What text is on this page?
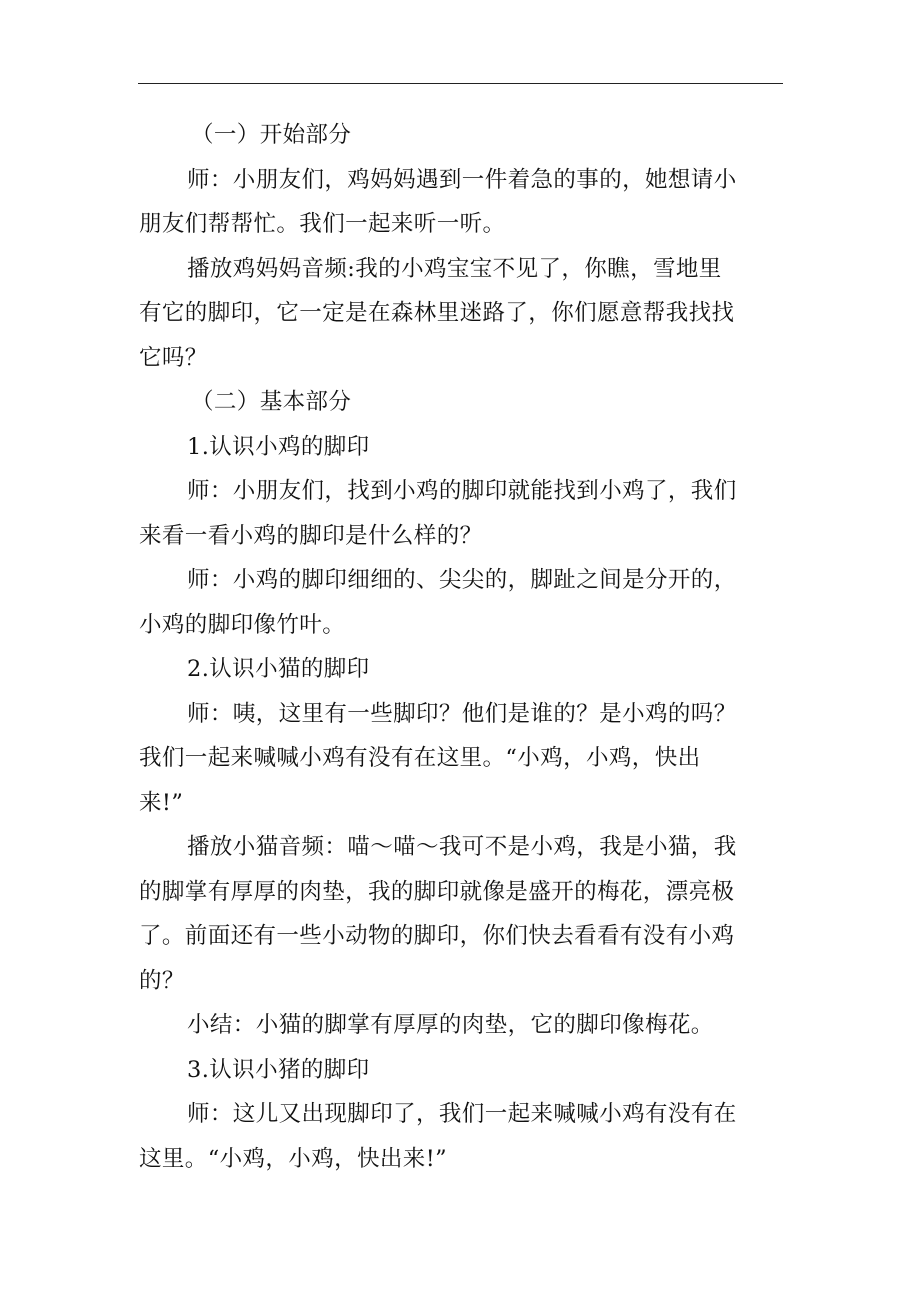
（一）开始部分
师：小朋友们，鸡妈妈遇到一件着急的事的，她想请小
朋友们帮帮忙。我们一起来听一听。
播放鸡妈妈音频:我的小鸡宝宝不见了，你瞧，雪地里
有它的脚印，它一定是在森林里迷路了，你们愿意帮我找找
它吗？
（二）基本部分
1.认识小鸡的脚印
师：小朋友们，找到小鸡的脚印就能找到小鸡了，我们
来看一看小鸡的脚印是什么样的？
师：小鸡的脚印细细的、尖尖的，脚趾之间是分开的，
小鸡的脚印像竹叶。
2.认识小猫的脚印
师：咦，这里有一些脚印？他们是谁的？是小鸡的吗？
我们一起来喊喊小鸡有没有在这里。“小鸡，小鸡，快出
来!”
播放小猫音频：喵～喵～我可不是小鸡，我是小猫，我
的脚掌有厚厚的肉垫，我的脚印就像是盛开的梅花，漂亮极
了。前面还有一些小动物的脚印，你们快去看看有没有小鸡
的？
小结：小猫的脚掌有厚厚的肉垫，它的脚印像梅花。
3.认识小猪的脚印
师：这儿又出现脚印了，我们一起来喊喊小鸡有没有在
这里。“小鸡，小鸡，快出来!”
